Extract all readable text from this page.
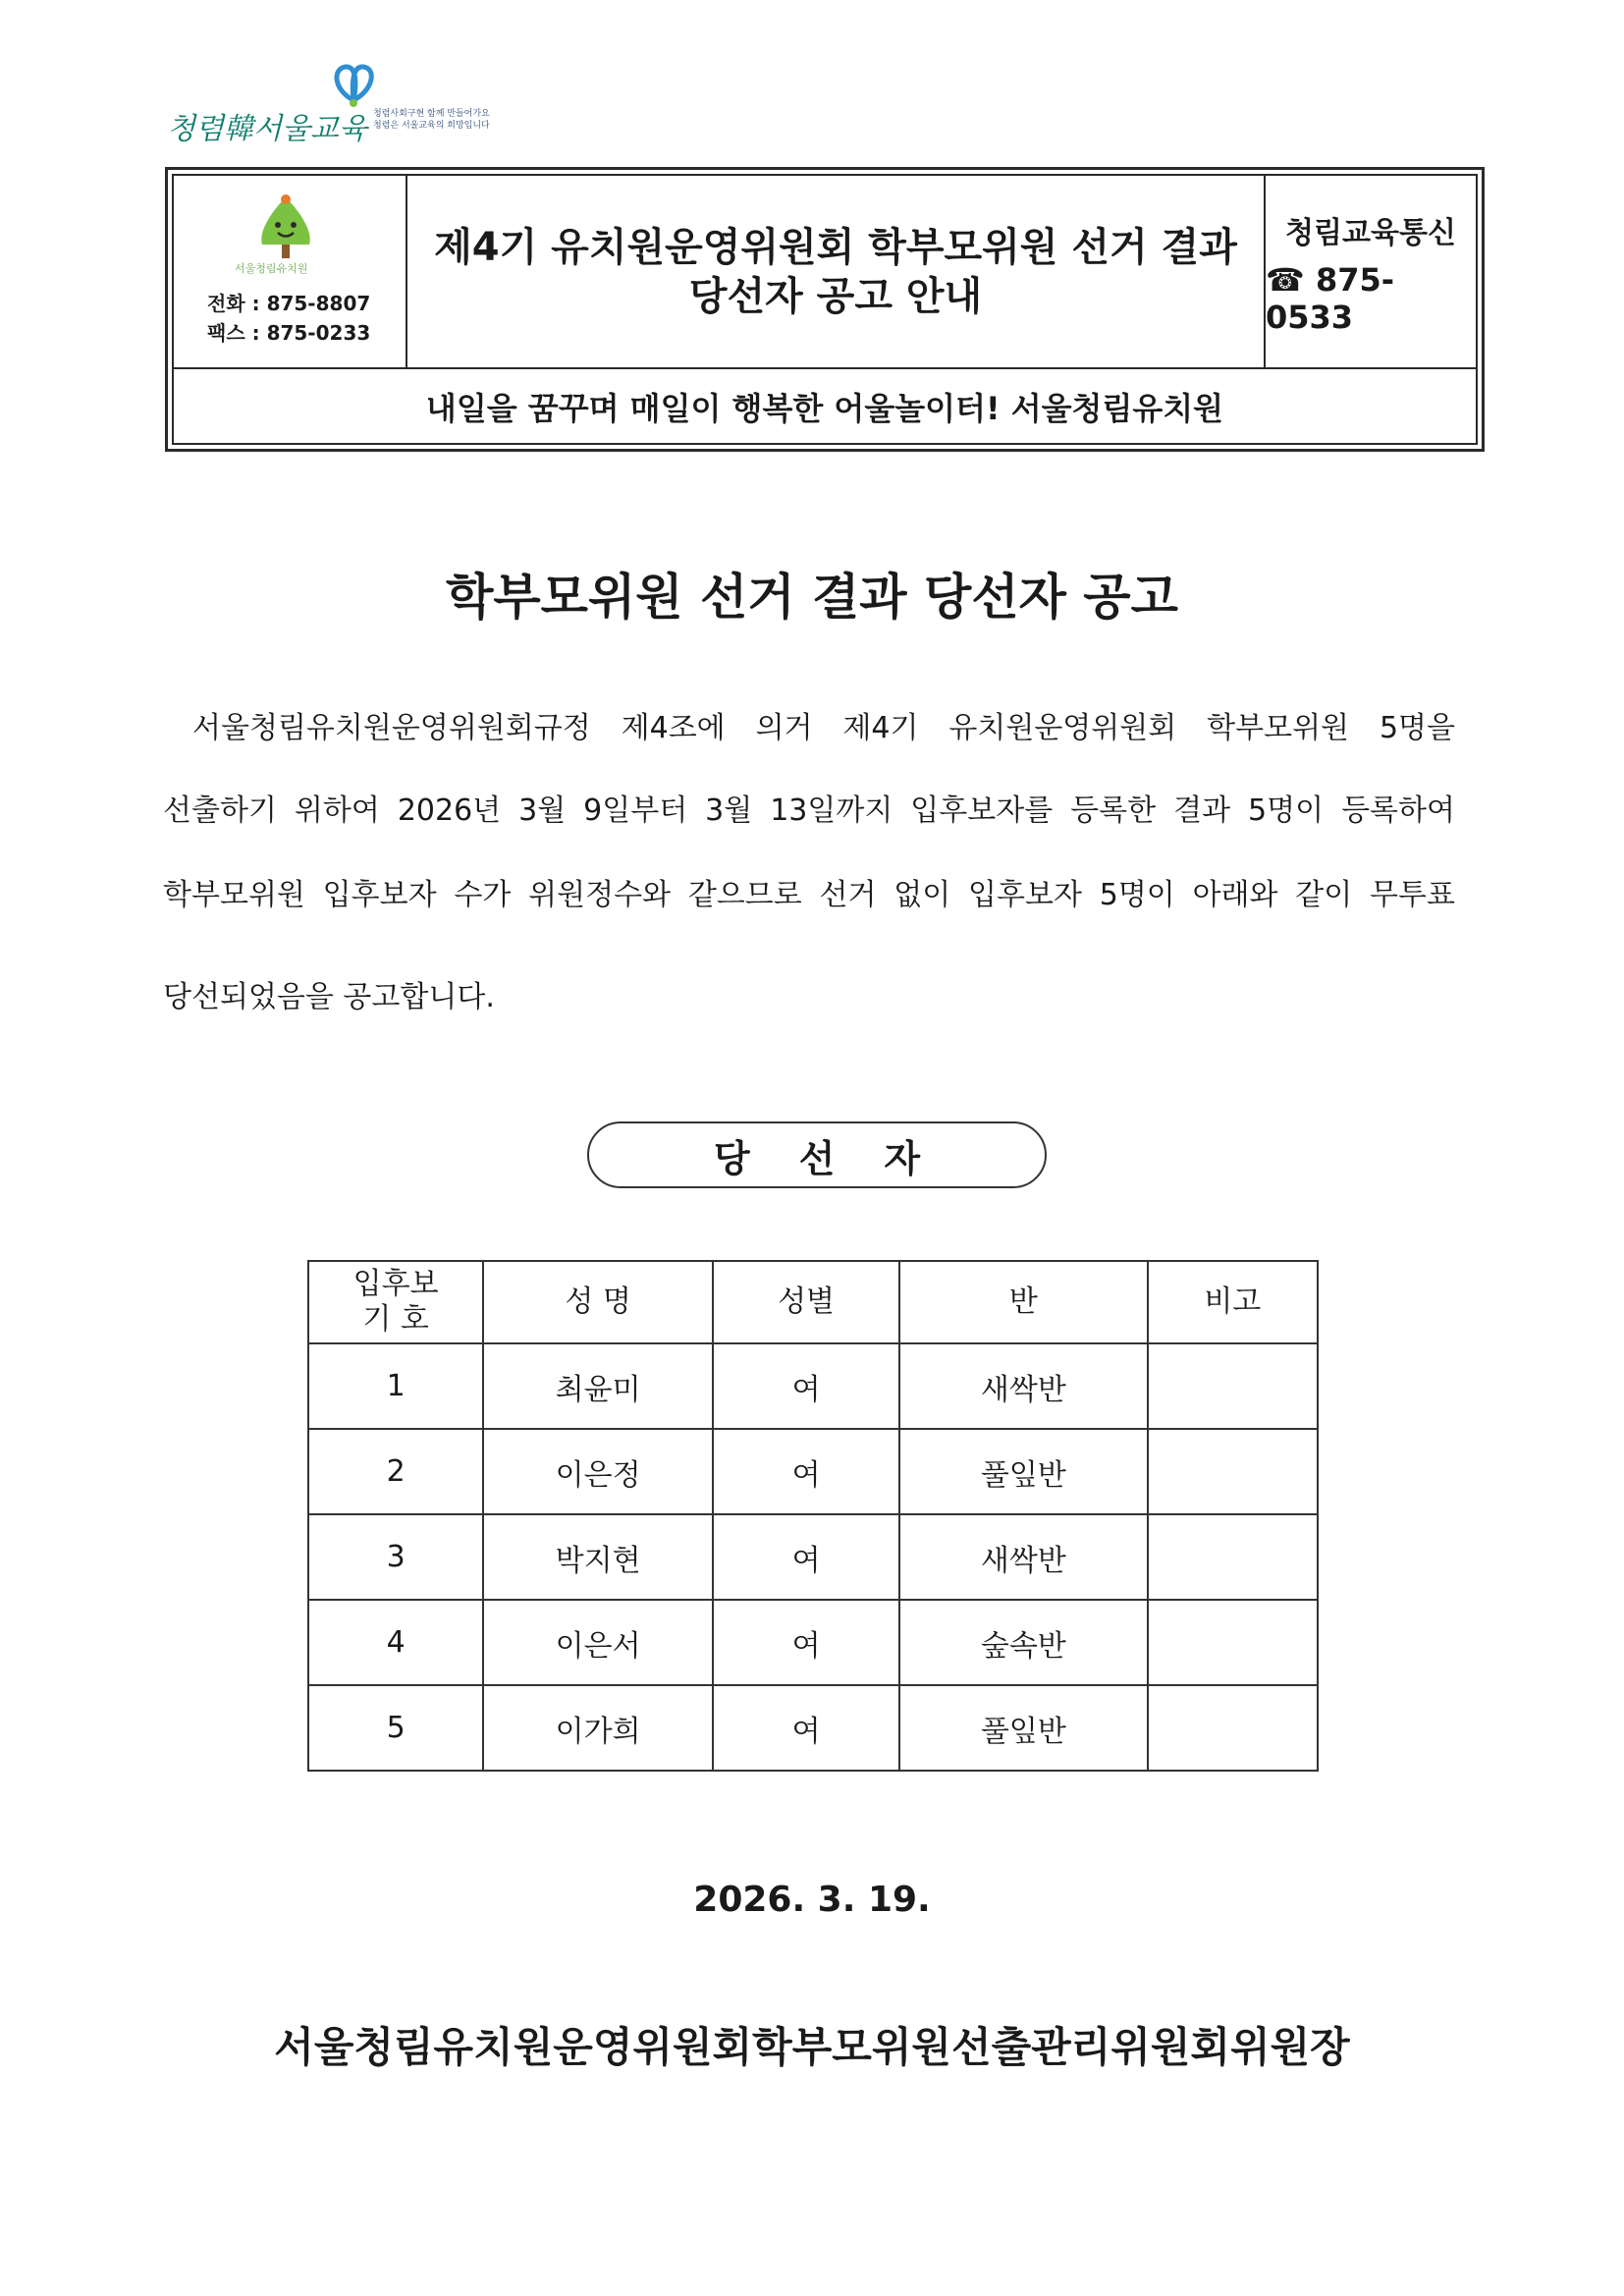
청렴韓서울교육 청렴사회구현 함께 만들어가요
청렴은 서울교육의 희망입니다
서울청림유치원
전화 : 875-8807
팩스 : 875-0233
제4기 유치원운영위원회 학부모위원 선거 결과
당선자 공고 안내
청림교육통신
☎ 875-0533
내일을 꿈꾸며 매일이 행복한 어울놀이터! 서울청림유치원
학부모위원 선거 결과 당선자 공고
서울청림유치원운영위원회규정 제4조에 의거 제4기 유치원운영위원회 학부모위원 5명을
선출하기 위하여 2026년 3월 9일부터 3월 13일까지 입후보자를 등록한 결과 5명이 등록하여
학부모위원 입후보자 수가 위원정수와 같으므로 선거 없이 입후보자 5명이 아래와 같이 무투표
당선되었음을 공고합니다.
당선자
입후보
기 호	성 명	성별	반	비고
1	최윤미	여	새싹반	
2	이은정	여	풀잎반	
3	박지현	여	새싹반	
4	이은서	여	숲속반	
5	이가희	여	풀잎반	
2026. 3. 19.
서울청림유치원운영위원회학부모위원선출관리위원회위원장
